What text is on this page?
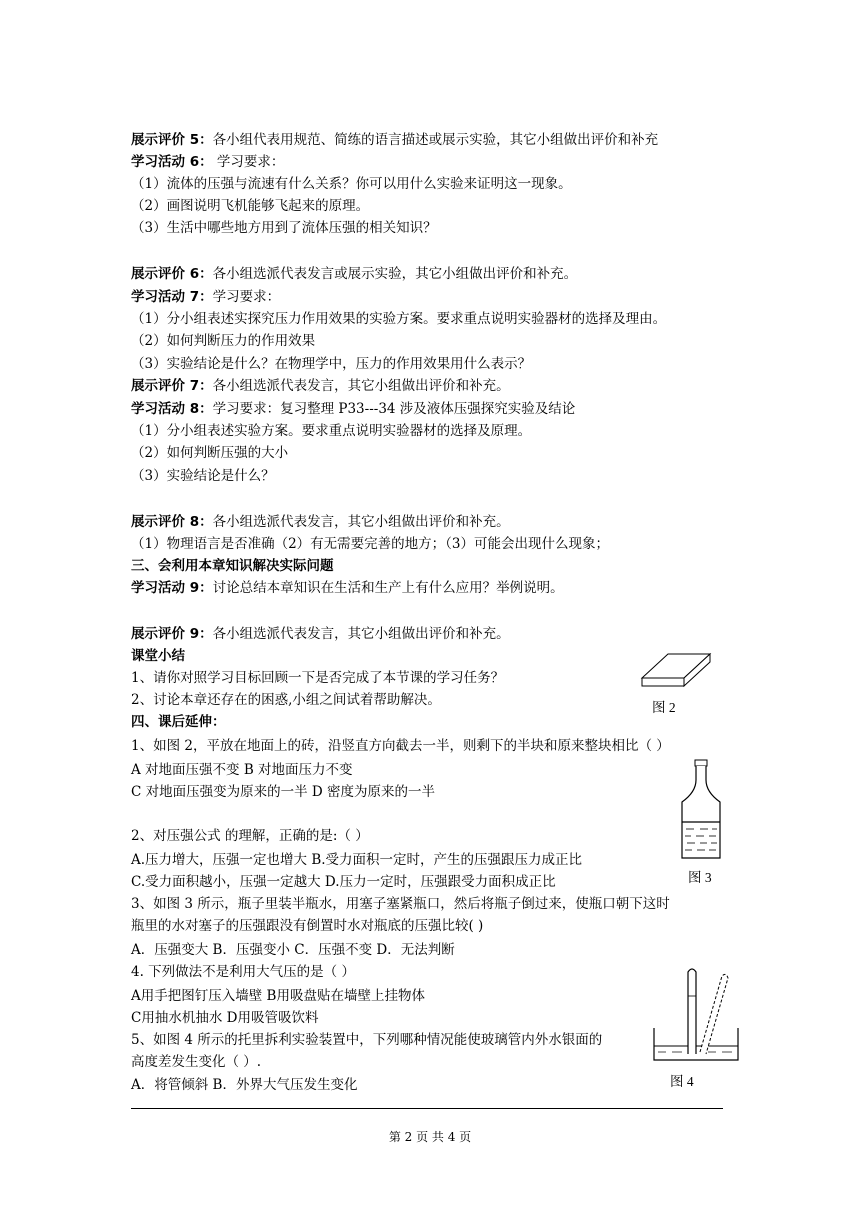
展示评价 5：各小组代表用规范、简练的语言描述或展示实验，其它小组做出评价和补充
学习活动 6： 学习要求：
（1）流体的压强与流速有什么关系？你可以用什么实验来证明这一现象。
（2）画图说明飞机能够飞起来的原理。
（3）生活中哪些地方用到了流体压强的相关知识？
展示评价 6：各小组选派代表发言或展示实验，其它小组做出评价和补充。
学习活动 7：学习要求：
（1）分小组表述实探究压力作用效果的实验方案。要求重点说明实验器材的选择及理由。
（2）如何判断压力的作用效果
（3）实验结论是什么？在物理学中，压力的作用效果用什么表示？
展示评价 7：各小组选派代表发言，其它小组做出评价和补充。
学习活动 8：学习要求：复习整理 P33---34 涉及液体压强探究实验及结论
（1）分小组表述实验方案。要求重点说明实验器材的选择及原理。
（2）如何判断压强的大小
（3）实验结论是什么？
展示评价 8：各小组选派代表发言，其它小组做出评价和补充。
（1）物理语言是否准确（2）有无需要完善的地方；（3）可能会出现什么现象；
三、会利用本章知识解决实际问题
学习活动 9：讨论总结本章知识在生活和生产上有什么应用？举例说明。
展示评价 9：各小组选派代表发言，其它小组做出评价和补充。
课堂小结
1、请你对照学习目标回顾一下是否完成了本节课的学习任务？
2、讨论本章还存在的困惑,小组之间试着帮助解决。
四、课后延伸：
1、如图 2，平放在地面上的砖，沿竖直方向截去一半，则剩下的半块和原来整块相比（ ）
A 对地面压强不变 B 对地面压力不变
C 对地面压强变为原来的一半 D 密度为原来的一半
2、对压强公式 的理解，正确的是:（ ）
A.压力增大，压强一定也增大 B.受力面积一定时，产生的压强跟压力成正比
C.受力面积越小，压强一定越大 D.压力一定时，压强跟受力面积成正比
3、如图 3 所示，瓶子里装半瓶水，用塞子塞紧瓶口，然后将瓶子倒过来，使瓶口朝下这时
瓶里的水对塞子的压强跟没有倒置时水对瓶底的压强比较( )
A．压强变大 B．压强变小 C．压强不变 D．无法判断
4. 下列做法不是利用大气压的是（ ）
A用手把图钉压入墙壁 B用吸盘贴在墙壁上挂物体
C用抽水机抽水 D用吸管吸饮料
5、如图 4 所示的托里拆利实验装置中，下列哪种情况能使玻璃管内外水银面的
高度差发生变化（ ）.
A．将管倾斜 B．外界大气压发生变化
图 2
图 3
图 4
第 2 页 共 4 页
